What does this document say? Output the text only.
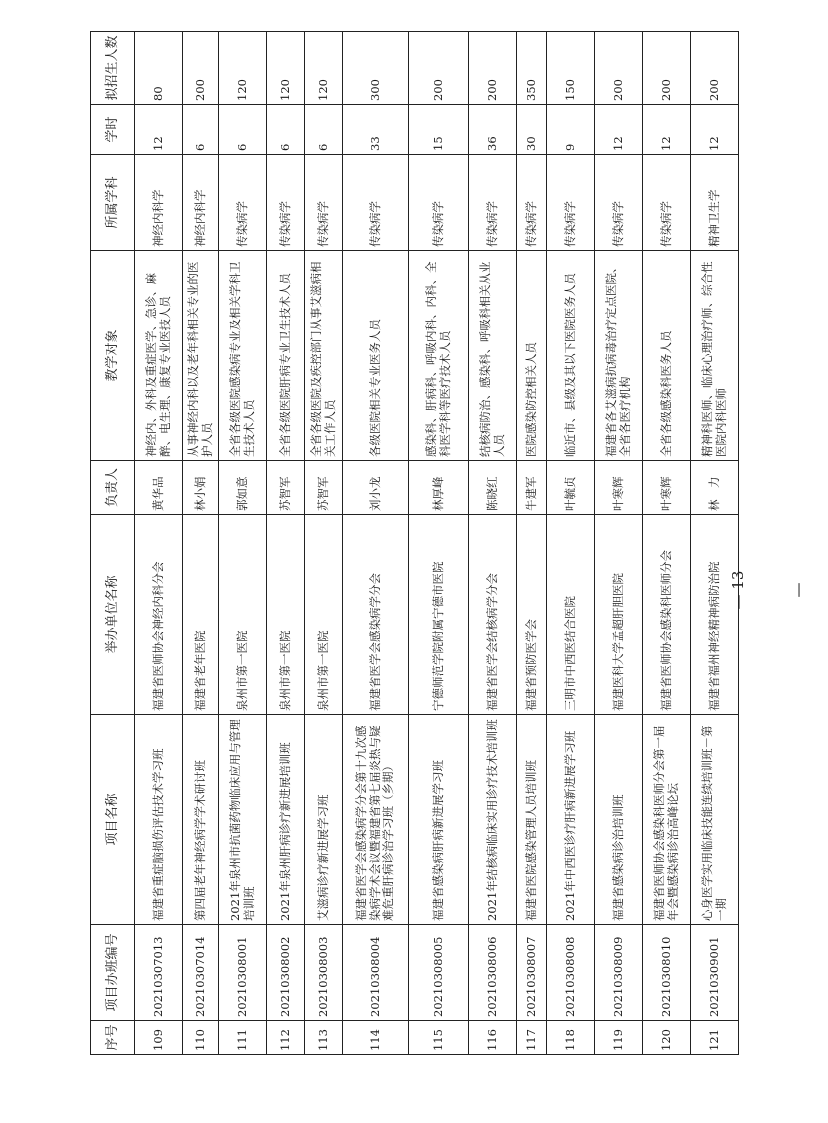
序号	项目办班编号	项目名称	举办单位名称	负责人	教学对象	所属学科	学时	拟招生人数
109	20210307013	福建省重症脑损伤评估技术学习班	福建省医师协会神经内科分会	黄华品	神经内、外科及重症医学、急诊、麻醉、电生理、康复专业医技人员	神经内科学	12	80
110	20210307014	第四届老年神经病学学术研讨班	福建省老年医院	林小娟	从事神经内科以及老年科相关专业的医护人员	神经内科学	6	200
111	20210308001	2021年泉州市抗菌药物临床应用与管理培训班	泉州市第一医院	郭如意	全省各级医院感染病专业及相关学科卫生技术人员	传染病学	6	120
112	20210308002	2021年泉州肝病诊疗新进展培训班	泉州市第一医院	苏智军	全省各级医院肝病专业卫生技术人员	传染病学	6	120
113	20210308003	艾滋病诊疗新进展学习班	泉州市第一医院	苏智军	全省各级医院及疾控部门从事艾滋病相关工作人员	传染病学	6	120
114	20210308004	福建省医学会感染病学分会第十九次感染病学术会议暨福建省第七届炎热与疑难危重肝病诊治学习班（乡期）	福建省医学会感染病学分会	刘小龙	各级医院相关专业医务人员	传染病学	33	300
115	20210308005	福建省感染病肝病新进展学习班	宁德师范学院附属宁德市医院	林厚峰	感染科、肝病科、呼吸内科、内科、全科医学科等医疗技术人员	传染病学	15	200
116	20210308006	2021年结核病临床实用诊疗技术培训班	福建省医学会结核病学分会	陈晓红	结核病防治、感染科、呼吸科相关从业人员	传染病学	36	200
117	20210308007	福建省医院感染管理人员培训班	福建省预防医学会	牛建军	医院感染防控相关人员	传染病学	30	350
118	20210308008	2021年中西医诊疗肝病新进展学习班	三明市中西医结合医院	叶毓贞	临近市、县级及其以下医院医务人员	传染病学	9	150
119	20210308009	福建省感染病诊治培训班	福建医科大学孟超肝胆医院	叶寒辉	福建省各艾滋病抗病毒治疗定点医院、全省各医疗机构	传染病学	12	200
120	20210308010	福建省医师协会感染科医师分会第一届年会暨感染病诊治高峰论坛	福建省医师协会感染科医师分会	叶寒辉	全省各级感染科医务人员	传染病学	12	200
121	20210309001	心身医学实用临床技能连续培训班－第一期	福建省福州神经精神病防治院	林　力	精神科医师、临床心理治疗师、综合性医院内科医师	精神卫生学	12	200
— 13 —
